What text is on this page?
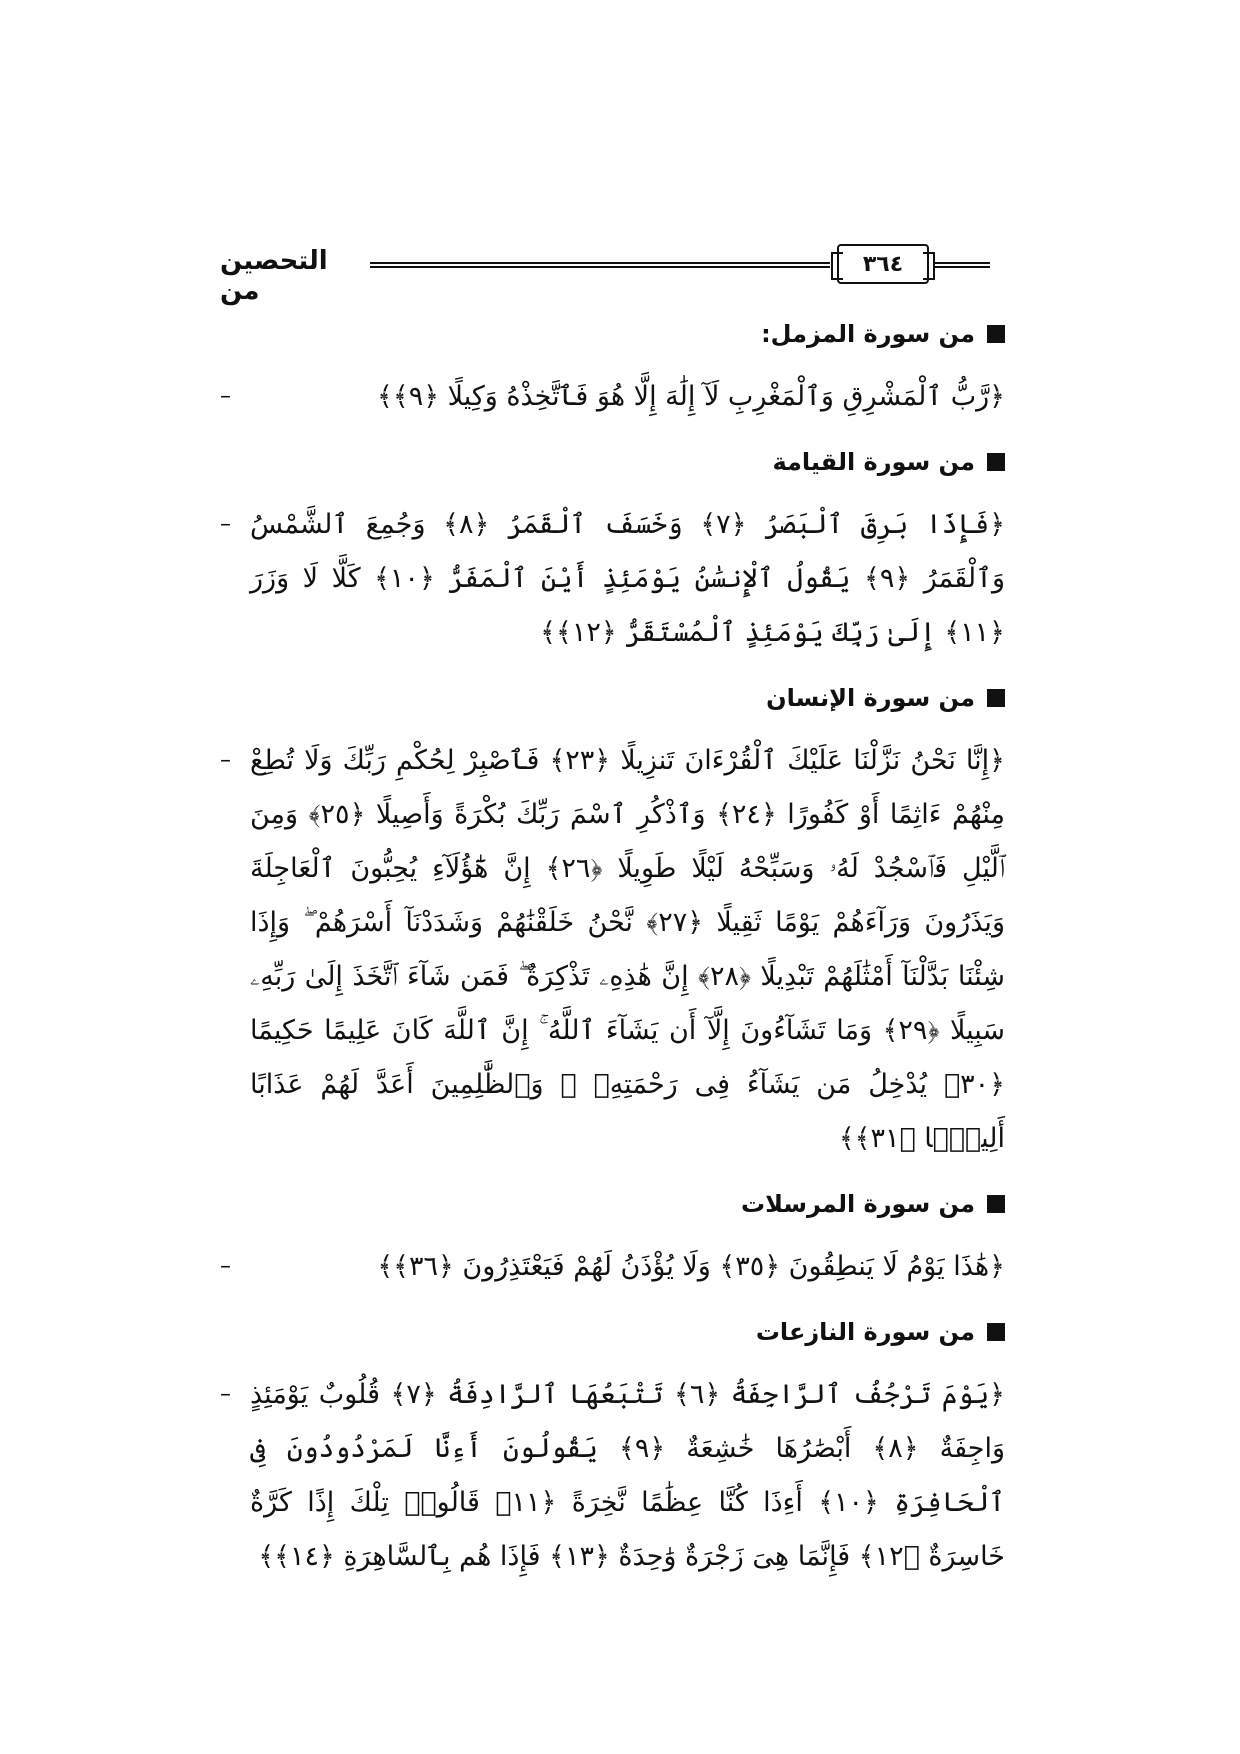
التحصين من
٣٦٤
من سورة المزمل:
﴿رَّبُّ ٱلْمَشْرِقِ وَٱلْمَغْرِبِ لَآ إِلَٰهَ إِلَّا هُوَ فَٱتَّخِذْهُ وَكِيلًا ﴿٩﴾﴾
–
من سورة القيامة
﴿فَإِذَا بَرِقَ ٱلْبَصَرُ ﴿٧﴾ وَخَسَفَ ٱلْقَمَرُ ﴿٨﴾ وَجُمِعَ ٱلشَّمْسُ وَٱلْقَمَرُ ﴿٩﴾ يَقُولُ ٱلْإِنسَٰنُ يَوْمَئِذٍ أَيْنَ ٱلْمَفَرُّ ﴿١٠﴾ كَلَّا لَا وَزَرَ ﴿١١﴾ إِلَىٰ رَبِّكَ يَوْمَئِذٍ ٱلْمُسْتَقَرُّ ﴿١٢﴾﴾
–
من سورة الإنسان
﴿إِنَّا نَحْنُ نَزَّلْنَا عَلَيْكَ ٱلْقُرْءَانَ تَنزِيلًا ﴿٢٣﴾ فَٱصْبِرْ لِحُكْمِ رَبِّكَ وَلَا تُطِعْ مِنْهُمْ ءَاثِمًا أَوْ كَفُورًا ﴿٢٤﴾ وَٱذْكُرِ ٱسْمَ رَبِّكَ بُكْرَةً وَأَصِيلًا ﴿٢٥﴾ وَمِنَ ٱلَّيْلِ فَٱسْجُدْ لَهُۥ وَسَبِّحْهُ لَيْلًا طَوِيلًا ﴿٢٦﴾ إِنَّ هَٰٓؤُلَآءِ يُحِبُّونَ ٱلْعَاجِلَةَ وَيَذَرُونَ وَرَآءَهُمْ يَوْمًا ثَقِيلًا ﴿٢٧﴾ نَّحْنُ خَلَقْنَٰهُمْ وَشَدَدْنَآ أَسْرَهُمْ ۖ وَإِذَا شِئْنَا بَدَّلْنَآ أَمْثَٰلَهُمْ تَبْدِيلًا ﴿٢٨﴾ إِنَّ هَٰذِهِۦ تَذْكِرَةٌ ۖ فَمَن شَآءَ ٱتَّخَذَ إِلَىٰ رَبِّهِۦ سَبِيلًا ﴿٢٩﴾ وَمَا تَشَآءُونَ إِلَّآ أَن يَشَآءَ ٱللَّهُ ۚ إِنَّ ٱللَّهَ كَانَ عَلِيمًا حَكِيمًا ﴿٣٠﴾ يُدْخِلُ مَن يَشَآءُ فِى رَحْمَتِهِۦ ۚ وَٱلظَّٰلِمِينَ أَعَدَّ لَهُمْ عَذَابًا أَلِيمًۢا ﴿٣١﴾﴾
–
من سورة المرسلات
﴿هَٰذَا يَوْمُ لَا يَنطِقُونَ ﴿٣٥﴾ وَلَا يُؤْذَنُ لَهُمْ فَيَعْتَذِرُونَ ﴿٣٦﴾﴾
–
من سورة النازعات
﴿يَوْمَ تَرْجُفُ ٱلرَّاجِفَةُ ﴿٦﴾ تَتْبَعُهَا ٱلرَّادِفَةُ ﴿٧﴾ قُلُوبٌ يَوْمَئِذٍ وَاجِفَةٌ ﴿٨﴾ أَبْصَٰرُهَا خَٰشِعَةٌ ﴿٩﴾ يَقُولُونَ أَءِنَّا لَمَرْدُودُونَ فِى ٱلْحَافِرَةِ ﴿١٠﴾ أَءِذَا كُنَّا عِظَٰمًا نَّخِرَةً ﴿١١﴾ قَالُوا۟ تِلْكَ إِذًا كَرَّةٌ خَاسِرَةٌ ﴿١٢﴾ فَإِنَّمَا هِىَ زَجْرَةٌ وَٰحِدَةٌ ﴿١٣﴾ فَإِذَا هُم بِٱلسَّاهِرَةِ ﴿١٤﴾﴾
–
